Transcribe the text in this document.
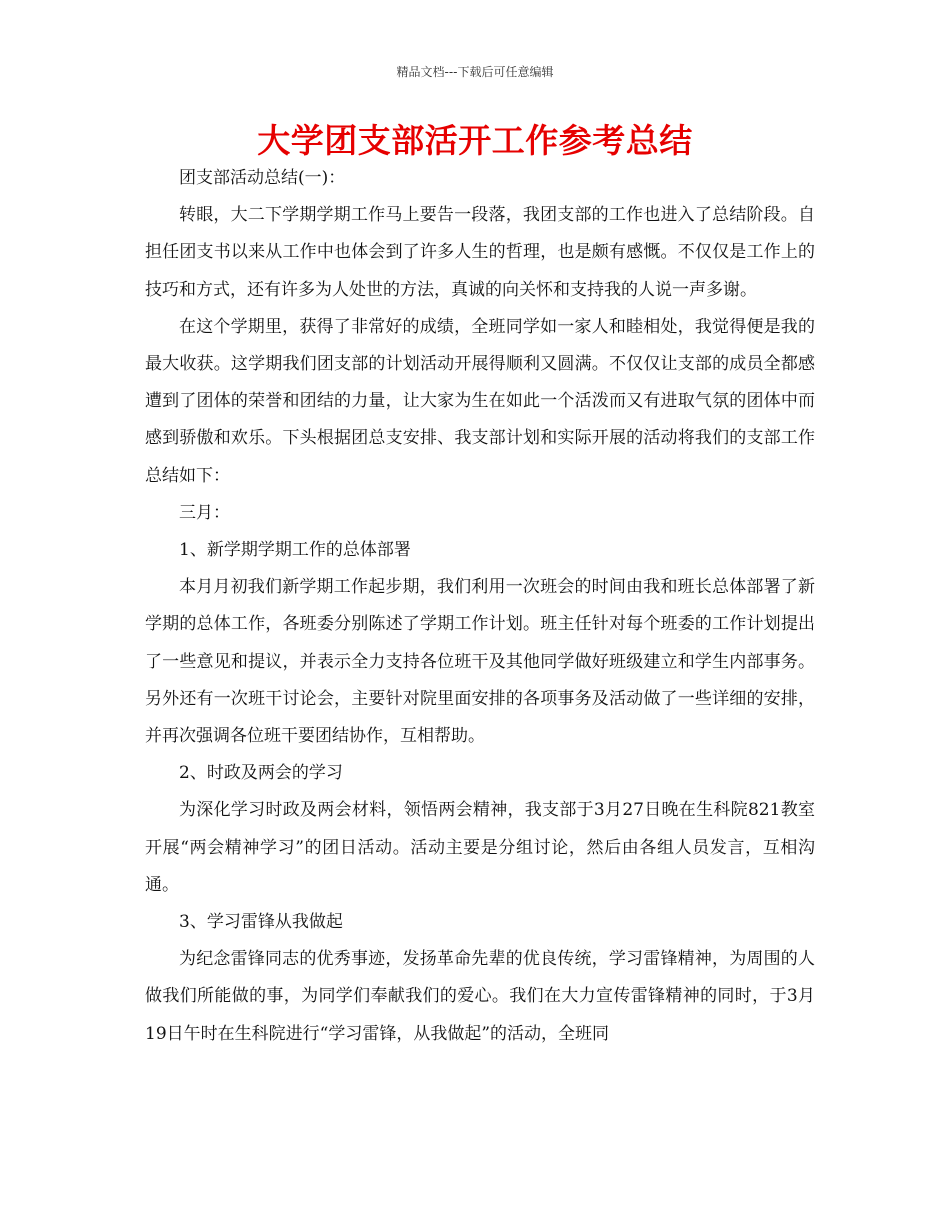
精品文档---下载后可任意编辑
大学团支部活开工作参考总结

团支部活动总结(一)：

转眼，大二下学期学期工作马上要告一段落，我团支部的工作也进入了总结阶段。自担任团支书以来从工作中也体会到了许多人生的哲理，也是颇有感慨。不仅仅是工作上的技巧和方式，还有许多为人处世的方法，真诚的向关怀和支持我的人说一声多谢。

在这个学期里，获得了非常好的成绩，全班同学如一家人和睦相处，我觉得便是我的最大收获。这学期我们团支部的计划活动开展得顺利又圆满。不仅仅让支部的成员全都感遭到了团体的荣誉和团结的力量，让大家为生在如此一个活泼而又有进取气氛的团体中而感到骄傲和欢乐。下头根据团总支安排、我支部计划和实际开展的活动将我们的支部工作总结如下：

三月：

1、新学期学期工作的总体部署

本月月初我们新学期工作起步期，我们利用一次班会的时间由我和班长总体部署了新学期的总体工作，各班委分别陈述了学期工作计划。班主任针对每个班委的工作计划提出了一些意见和提议，并表示全力支持各位班干及其他同学做好班级建立和学生内部事务。另外还有一次班干讨论会，主要针对院里面安排的各项事务及活动做了一些详细的安排，并再次强调各位班干要团结协作，互相帮助。

2、时政及两会的学习

为深化学习时政及两会材料，领悟两会精神，我支部于3月27日晚在生科院821教室开展“两会精神学习”的团日活动。活动主要是分组讨论，然后由各组人员发言，互相沟通。

3、学习雷锋从我做起

为纪念雷锋同志的优秀事迹，发扬革命先辈的优良传统，学习雷锋精神，为周围的人做我们所能做的事，为同学们奉献我们的爱心。我们在大力宣传雷锋精神的同时，于3月19日午时在生科院进行“学习雷锋，从我做起”的活动，全班同
